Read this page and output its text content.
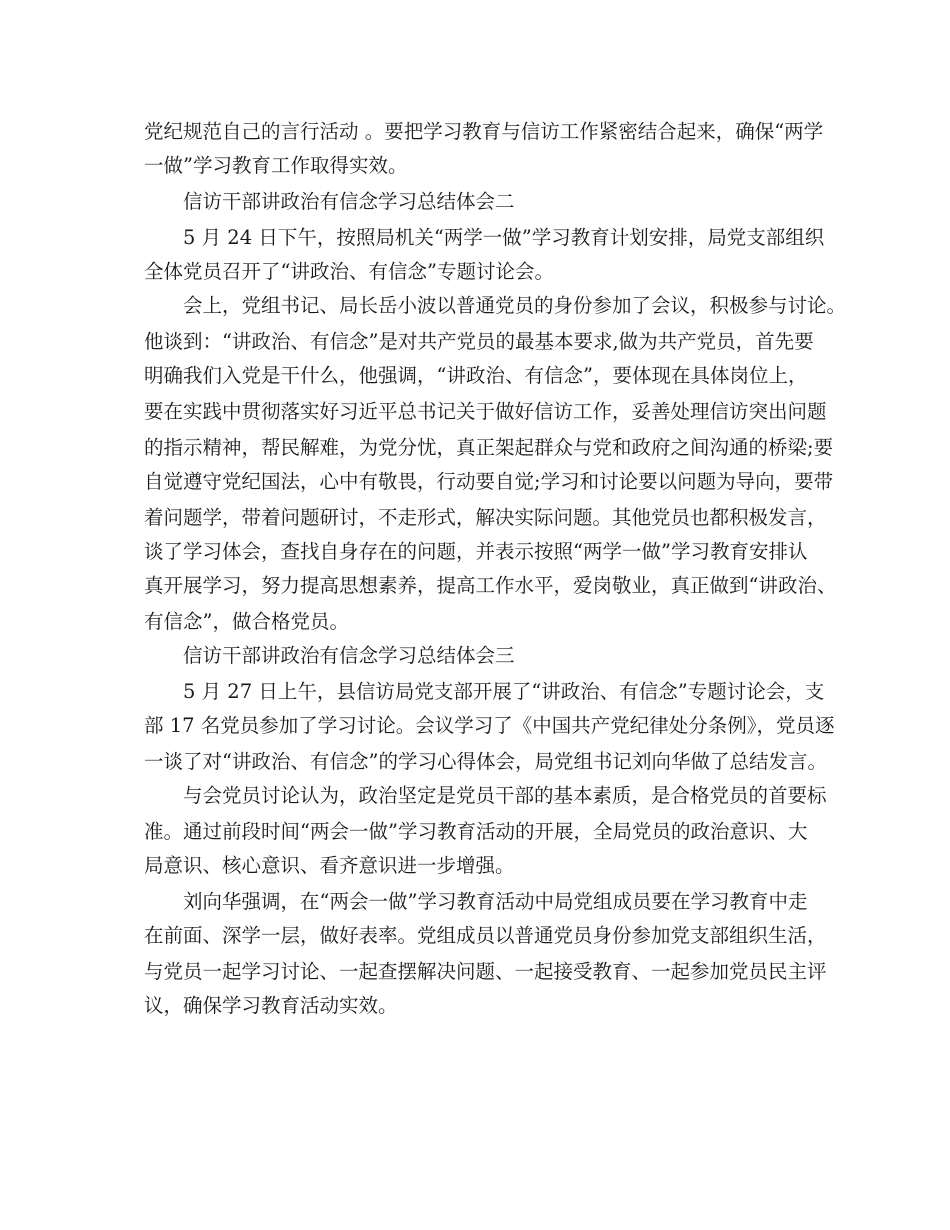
党纪规范自己的言行活动 。要把学习教育与信访工作紧密结合起来，确保“两学
一做”学习教育工作取得实效。
信访干部讲政治有信念学习总结体会二
5 月 24 日下午，按照局机关“两学一做”学习教育计划安排，局党支部组织
全体党员召开了“讲政治、有信念”专题讨论会。
会上，党组书记、局长岳小波以普通党员的身份参加了会议，积极参与讨论。
他谈到：“讲政治、有信念”是对共产党员的最基本要求,做为共产党员，首先要
明确我们入党是干什么，他强调，“讲政治、有信念”，要体现在具体岗位上，
要在实践中贯彻落实好习近平总书记关于做好信访工作，妥善处理信访突出问题
的指示精神，帮民解难，为党分忧，真正架起群众与党和政府之间沟通的桥梁;要
自觉遵守党纪国法，心中有敬畏，行动要自觉;学习和讨论要以问题为导向，要带
着问题学，带着问题研讨，不走形式，解决实际问题。其他党员也都积极发言，
谈了学习体会，查找自身存在的问题，并表示按照“两学一做”学习教育安排认
真开展学习，努力提高思想素养，提高工作水平，爱岗敬业，真正做到“讲政治、
有信念”，做合格党员。
信访干部讲政治有信念学习总结体会三
5 月 27 日上午，县信访局党支部开展了“讲政治、有信念”专题讨论会，支
部 17 名党员参加了学习讨论。会议学习了《中国共产党纪律处分条例》，党员逐
一谈了对“讲政治、有信念”的学习心得体会，局党组书记刘向华做了总结发言。
与会党员讨论认为，政治坚定是党员干部的基本素质，是合格党员的首要标
准。通过前段时间“两会一做”学习教育活动的开展，全局党员的政治意识、大
局意识、核心意识、看齐意识进一步增强。
刘向华强调，在“两会一做”学习教育活动中局党组成员要在学习教育中走
在前面、深学一层，做好表率。党组成员以普通党员身份参加党支部组织生活，
与党员一起学习讨论、一起查摆解决问题、一起接受教育、一起参加党员民主评
议，确保学习教育活动实效。
